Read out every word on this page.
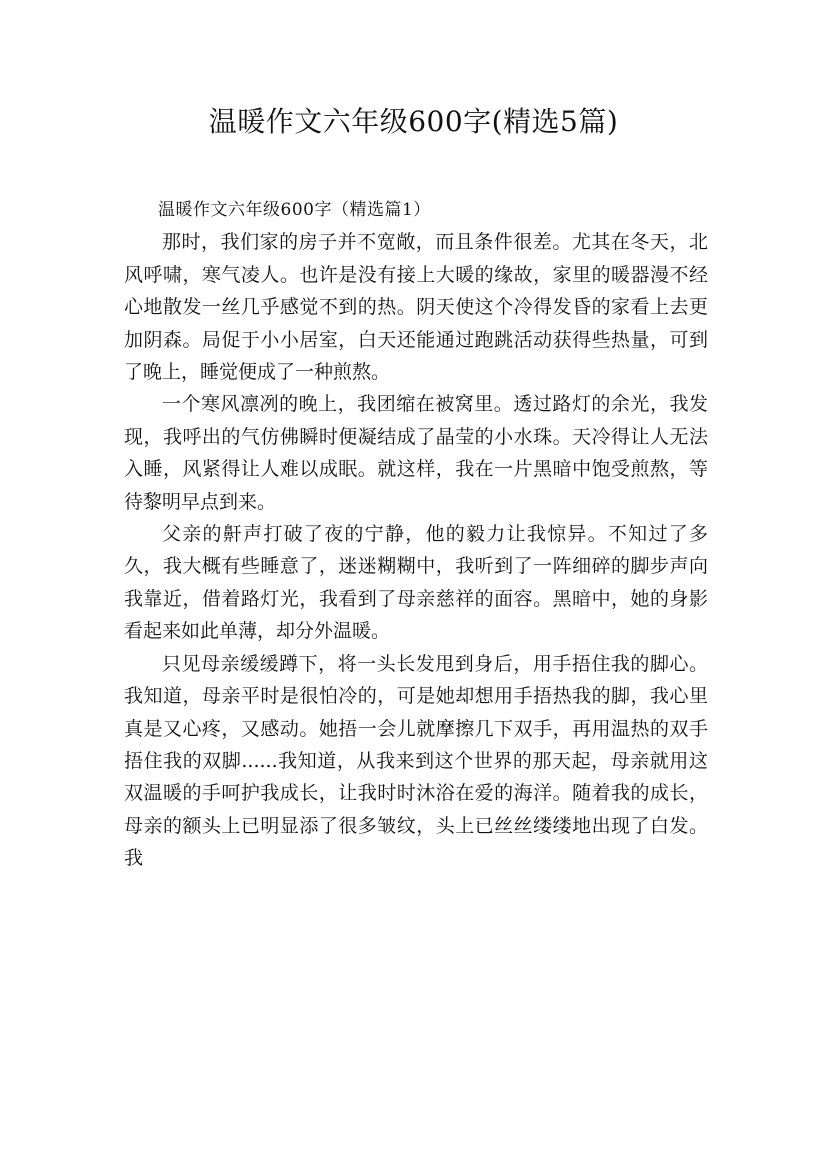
温暖作文六年级600字(精选5篇)
温暖作文六年级600字（精选篇1）

那时，我们家的房子并不宽敞，而且条件很差。尤其在冬天，北风呼啸，寒气凌人。也许是没有接上大暖的缘故，家里的暖器漫不经心地散发一丝几乎感觉不到的热。阴天使这个冷得发昏的家看上去更加阴森。局促于小小居室，白天还能通过跑跳活动获得些热量，可到了晚上，睡觉便成了一种煎熬。

一个寒风凛冽的晚上，我团缩在被窝里。透过路灯的余光，我发现，我呼出的气仿佛瞬时便凝结成了晶莹的小水珠。天冷得让人无法入睡，风紧得让人难以成眠。就这样，我在一片黑暗中饱受煎熬，等待黎明早点到来。

父亲的鼾声打破了夜的宁静，他的毅力让我惊异。不知过了多久，我大概有些睡意了，迷迷糊糊中，我听到了一阵细碎的脚步声向我靠近，借着路灯光，我看到了母亲慈祥的面容。黑暗中，她的身影看起来如此单薄，却分外温暖。

只见母亲缓缓蹲下，将一头长发甩到身后，用手捂住我的脚心。我知道，母亲平时是很怕冷的，可是她却想用手捂热我的脚，我心里真是又心疼，又感动。她捂一会儿就摩擦几下双手，再用温热的双手捂住我的双脚......我知道，从我来到这个世界的那天起，母亲就用这双温暖的手呵护我成长，让我时时沐浴在爱的海洋。随着我的成长，母亲的额头上已明显添了很多皱纹，头上已丝丝缕缕地出现了白发。我
